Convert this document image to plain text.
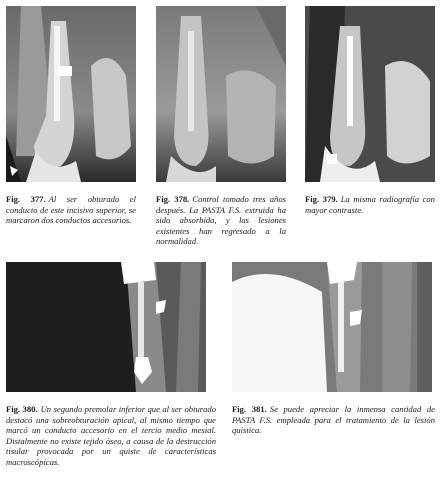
Fig. 377. Al ser obturado el conducto de este incisivo superior, se marcaron dos conductos accesorios.
Fig. 378. Control tomado tres años después. La PASTA F.S. extruida ha sido absorbida, y las lesiones existentes han regresado a la normalidad.
Fig. 379. La misma radiografía con mayor contraste.
Fig. 380. Un segundo premolar inferior que al ser obturado destacó una sobreobturación apical, al mismo tiempo que marcó un conducto accesorio en el tercio medio mesial. Distalmente no existe tejido óseo, a causa de la destrucción tisular provocada por un quiste de características macroscópicas.
Fig. 381. Se puede apreciar la inmensa cantidad de PASTA F.S. empleada para el tratamiento de la lesión quística.
